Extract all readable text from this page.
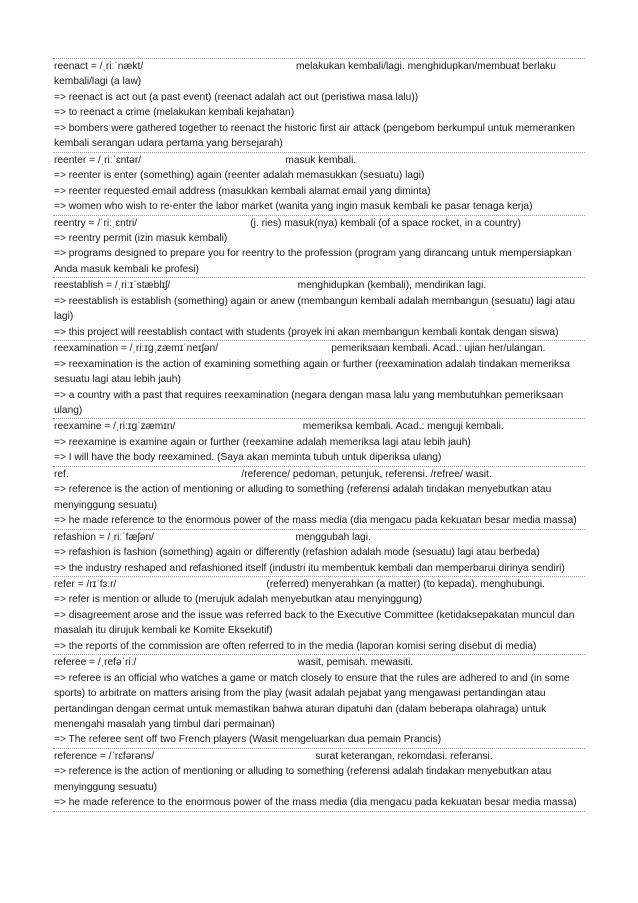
reenact = /ˌriːˈnækt/                                                      melakukan kembali/lagi. menghidupkan/membuat berlaku kembali/lagi (a law)
=> reenact is act out (a past event) (reenact adalah act out (peristiwa masa lalu))
=> to reenact a crime (melakukan kembali kejahatan)
=> bombers were gathered together to reenact the historic first air attack (pengebom berkumpul untuk memeranken kembali serangan udara pertama yang bersejarah)
reenter = /ˌriːˈɛntər/                                                   masuk kembali.
=> reenter is enter (something) again (reenter adalah memasukkan (sesuatu) lagi)
=> reenter requested email address (masukkan kembali alamat email yang diminta)
=> women who wish to re-enter the labor market (wanita yang ingin masuk kembali ke pasar tenaga kerja)
reentry = /ˈriːˌɛntri/                                        (j. ries) masuk(nya) kembali (of a space rocket, in a country)
=> reentry permit (izin masuk kembali)
=> programs designed to prepare you for reentry to the profession (program yang dirancang untuk mempersiapkan Anda masuk kembali ke profesi)
reestablish = /ˌriːɪˈstæblɪʃ/                                             menghidupkan (kembali), mendirikan lagi.
=> reestablish is establish (something) again or anew (membangun kembali adalah membangun (sesuatu) lagi atau lagi)
=> this project will reestablish contact with students (proyek ini akan membangun kembali kontak dengan siswa)
reexamination = /ˌriːɪɡˌzæmɪˈneɪʃən/                                        pemeriksaan kembali. Acad.: ujian her/ulangan.
=> reexamination is the action of examining something again or further (reexamination adalah tindakan memeriksa sesuatu lagi atau lebih jauh)
=> a country with a past that requires reexamination (negara dengan masa lalu yang membutuhkan pemeriksaan ulang)
reexamine = /ˌriːɪɡˈzæmɪn/                                             memeriksa kembali. Acad.: menguji kembali.
=> reexamine is examine again or further (reexamine adalah memeriksa lagi atau lebih jauh)
=> I will have the body reexamined. (Saya akan meminta tubuh untuk diperiksa ulang)
ref.                                                             /reference/ pedoman, petunjuk, referensi. /refree/ wasit.
=> reference is the action of mentioning or alluding to something (referensi adalah tindakan menyebutkan atau menyinggung sesuatu)
=> he made reference to the enormous power of the mass media (dia mengacu pada kekuatan besar media massa)
refashion = /ˌriːˈfæʃən/                                                  menggubah lagi.
=> refashion is fashion (something) again or differently (refashion adalah mode (sesuatu) lagi atau berbeda)
=> the industry reshaped and refashioned itself (industri itu membentuk kembali dan memperbarui dirinya sendiri)
refer = /rɪˈfɜːr/                                                     (referred) menyerahkan (a matter) (to kepada). menghubungi.
=> refer is mention or allude to (merujuk adalah menyebutkan atau menyinggung)
=> disagreement arose and the issue was referred back to the Executive Committee (ketidaksepakatan muncul dan masalah itu dirujuk kembali ke Komite Eksekutif)
=> the reports of the commission are often referred to in the media (laporan komisi sering disebut di media)
referee = /ˌrefəˈriː/                                                         wasit, pemisah. mewasiti.
=> referee is an official who watches a game or match closely to ensure that the rules are adhered to and (in some sports) to arbitrate on matters arising from the play (wasit adalah pejabat yang mengawasi pertandingan atau pertandingan dengan cermat untuk memastikan bahwa aturan dipatuhi dan (dalam beberapa olahraga) untuk menengahi masalah yang timbul dari permainan)
=> The referee sent off two French players (Wasit mengeluarkan dua pemain Prancis)
reference = /ˈrɛfərəns/                                                         surat keterangan, rekomdasi. referansi.
=> reference is the action of mentioning or alluding to something (referensi adalah tindakan menyebutkan atau menyinggung sesuatu)
=> he made reference to the enormous power of the mass media (dia mengacu pada kekuatan besar media massa)
